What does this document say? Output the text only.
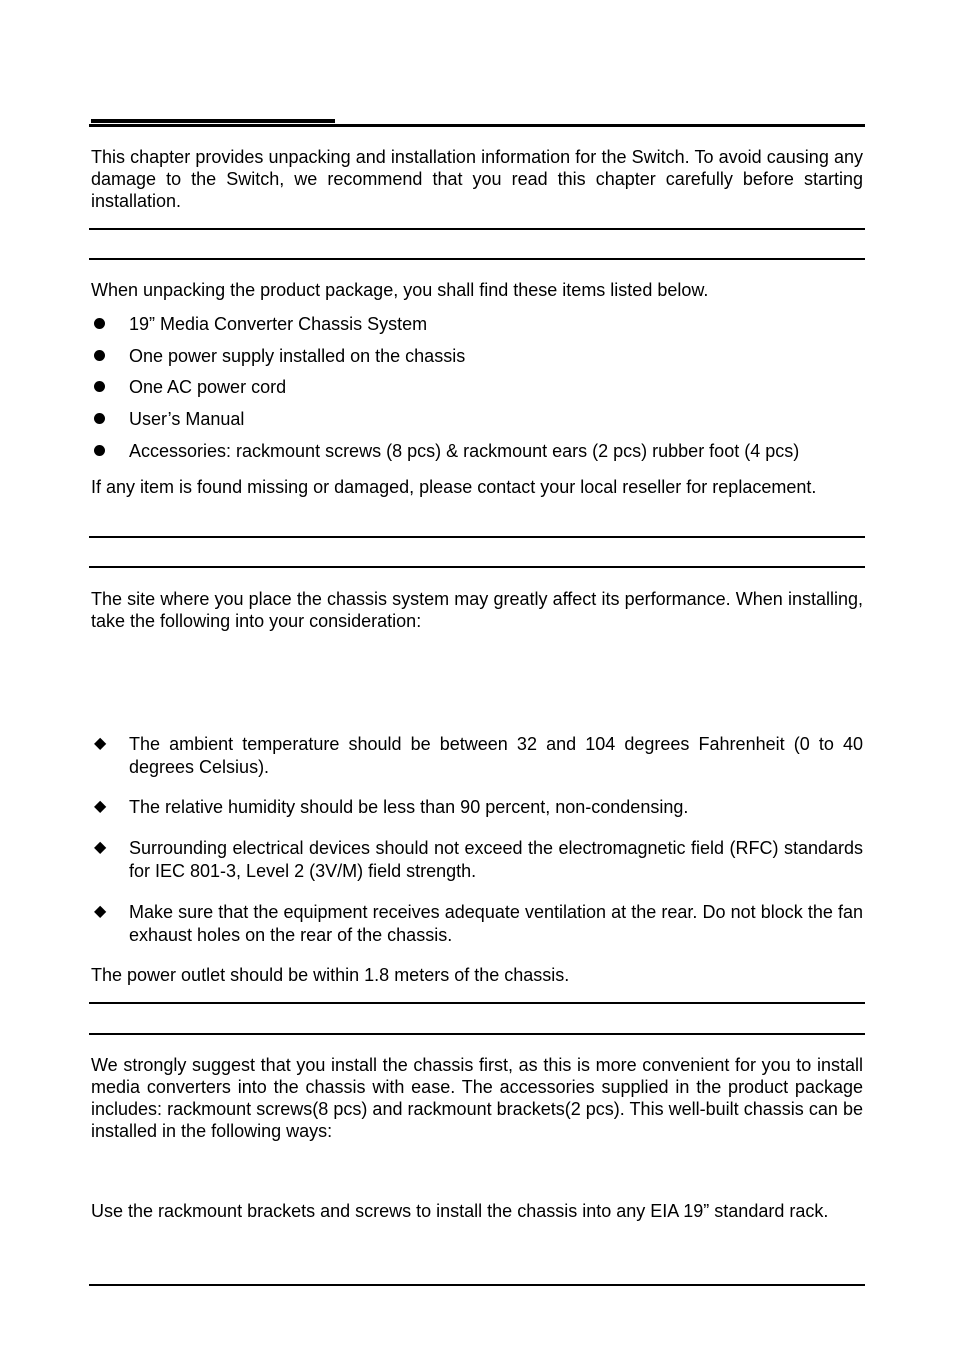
This chapter provides unpacking and installation information for the Switch. To avoid causing any damage to the Switch, we recommend that you read this chapter carefully before starting installation.

When unpacking the product package, you shall find these items listed below.

19” Media Converter Chassis System
One power supply installed on the chassis
One AC power cord
User’s Manual
Accessories: rackmount screws (8 pcs) & rackmount ears (2 pcs) rubber foot (4 pcs)

If any item is found missing or damaged, please contact your local reseller for replacement.

The site where you place the chassis system may greatly affect its performance. When installing, take the following into your consideration:

◆ The ambient temperature should be between 32 and 104 degrees Fahrenheit (0 to 40 degrees Celsius).

◆ The relative humidity should be less than 90 percent, non-condensing.

◆ Surrounding electrical devices should not exceed the electromagnetic field (RFC) standards for IEC 801-3, Level 2 (3V/M) field strength.

◆ Make sure that the equipment receives adequate ventilation at the rear. Do not block the fan exhaust holes on the rear of the chassis.

The power outlet should be within 1.8 meters of the chassis.

We strongly suggest that you install the chassis first, as this is more convenient for you to install media converters into the chassis with ease. The accessories supplied in the product package includes: rackmount screws(8 pcs) and rackmount brackets(2 pcs). This well-built chassis can be installed in the following ways:

Use the rackmount brackets and screws to install the chassis into any EIA 19” standard rack.
